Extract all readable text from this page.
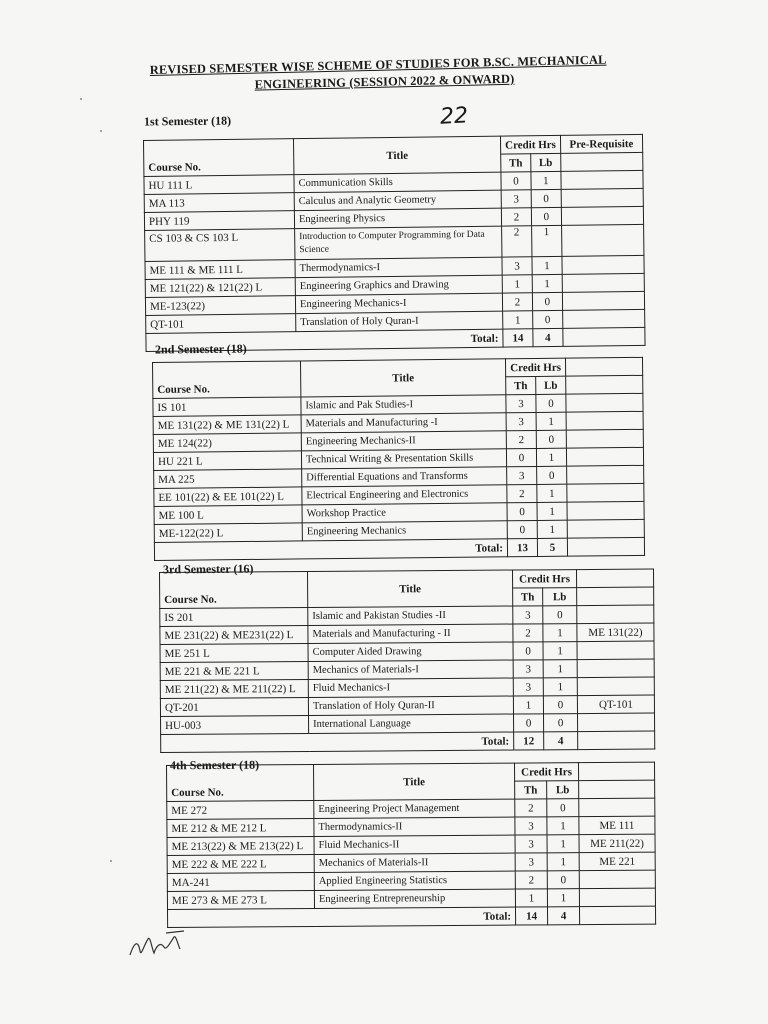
REVISED SEMESTER WISE SCHEME OF STUDIES FOR B.SC. MECHANICAL
ENGINEERING (SESSION 2022 & ONWARD)
22
1st Semester (18)
Course No.	Title	Credit Hrs		Pre-Requisite
		Th	Lb	
HU 111 L	Communication Skills	0	1	
MA 113	Calculus and Analytic Geometry	3	0	
PHY 119	Engineering Physics	2	0	
CS 103 & CS 103 L	Introduction to Computer Programming for Data Science	2	1	
ME 111 & ME 111 L	Thermodynamics-I	3	1	
ME 121(22) & 121(22) L	Engineering Graphics and Drawing	1	1	
ME-123(22)	Engineering Mechanics-I	2	0	
QT-101	Translation of Holy Quran-I	1	0	
Total:		14	4	
2nd Semester (18)
Course No.	Title	Credit Hrs		
		Th	Lb	
IS 101	Islamic and Pak Studies-I	3	0	
ME 131(22) & ME 131(22) L	Materials and Manufacturing -I	3	1	
ME 124(22)	Engineering Mechanics-II	2	0	
HU 221 L	Technical Writing & Presentation Skills	0	1	
MA 225	Differential Equations and Transforms	3	0	
EE 101(22) & EE 101(22) L	Electrical Engineering and Electronics	2	1	
ME 100 L	Workshop Practice	0	1	
ME-122(22) L	Engineering Mechanics	0	1	
Total:		13	5	
3rd Semester (16)
Course No.	Title	Credit Hrs		
		Th	Lb	
IS 201	Islamic and Pakistan Studies -II	3	0	
ME 231(22) & ME231(22) L	Materials and Manufacturing - II	2	1	ME 131(22)
ME 251 L	Computer Aided Drawing	0	1	
ME 221 & ME 221 L	Mechanics of Materials-I	3	1	
ME 211(22) & ME 211(22) L	Fluid Mechanics-I	3	1	
QT-201	Translation of Holy Quran-II	1	0	QT-101
HU-003	International Language	0	0	
Total:		12	4	
4th Semester (18)
Course No.	Title	Credit Hrs		
		Th	Lb	
ME 272	Engineering Project Management	2	0	
ME 212 & ME 212 L	Thermodynamics-II	3	1	ME 111
ME 213(22) & ME 213(22) L	Fluid Mechanics-II	3	1	ME 211(22)
ME 222 & ME 222 L	Mechanics of Materials-II	3	1	ME 221
MA-241	Applied Engineering Statistics	2	0	
ME 273 & ME 273 L	Engineering Entrepreneurship	1	1	
Total:		14	4	
